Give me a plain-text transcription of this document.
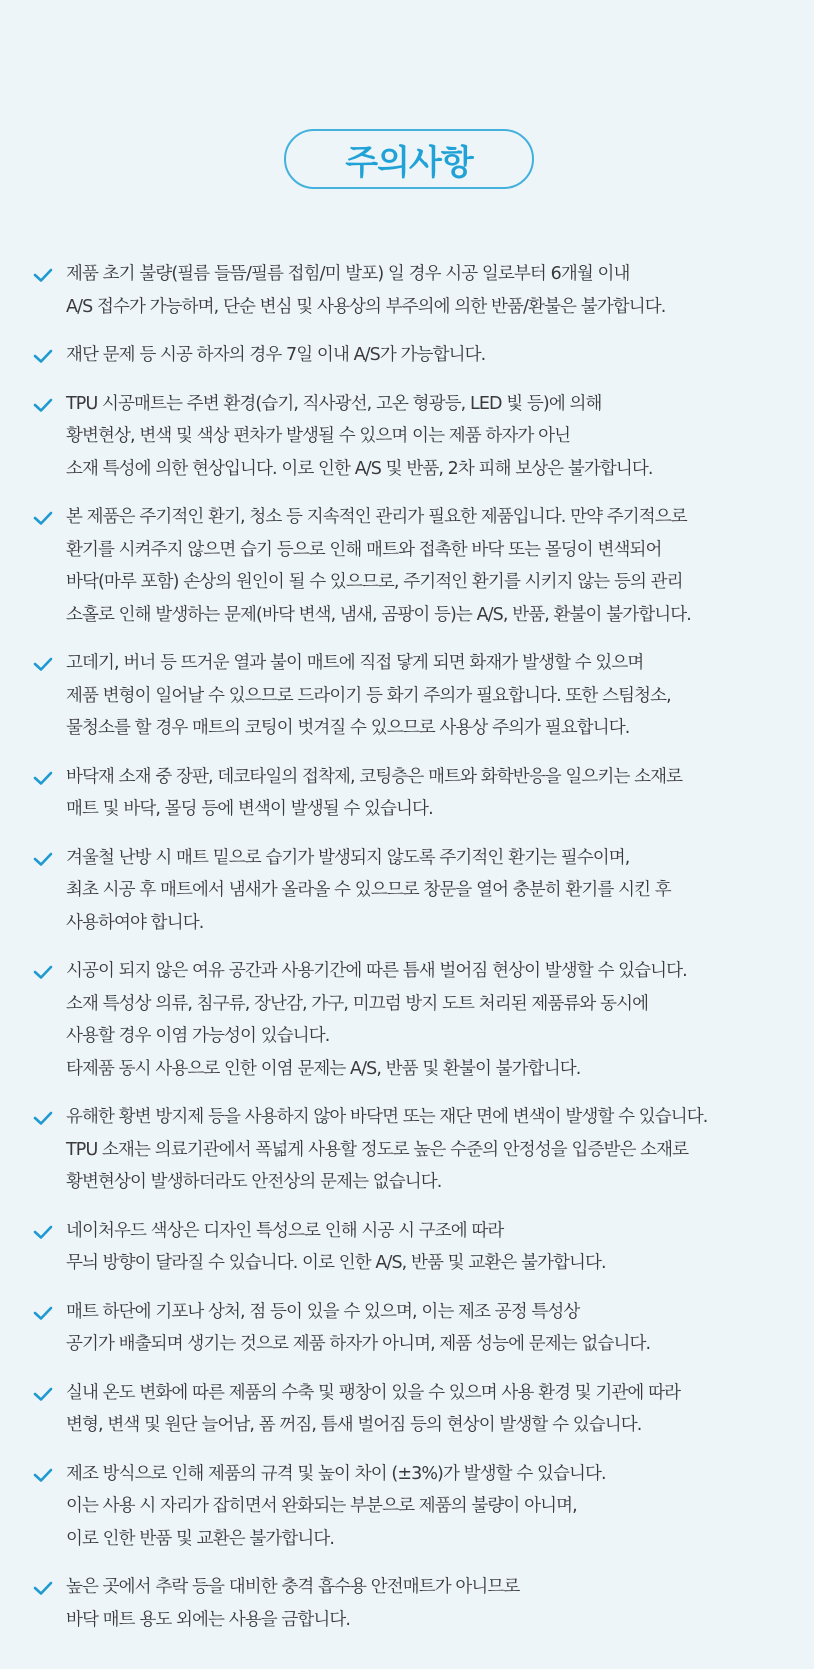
주의사항
제품 초기 불량(필름 들뜸/필름 접힘/미 발포) 일 경우 시공 일로부터 6개월 이내
A/S 접수가 가능하며, 단순 변심 및 사용상의 부주의에 의한 반품/환불은 불가합니다.
재단 문제 등 시공 하자의 경우 7일 이내 A/S가 가능합니다.
TPU 시공매트는 주변 환경(습기, 직사광선, 고온 형광등, LED 빛 등)에 의해
황변현상, 변색 및 색상 편차가 발생될 수 있으며 이는 제품 하자가 아닌
소재 특성에 의한 현상입니다. 이로 인한 A/S 및 반품, 2차 피해 보상은 불가합니다.
본 제품은 주기적인 환기, 청소 등 지속적인 관리가 필요한 제품입니다. 만약 주기적으로
환기를 시켜주지 않으면 습기 등으로 인해 매트와 접촉한 바닥 또는 몰딩이 변색되어
바닥(마루 포함) 손상의 원인이 될 수 있으므로, 주기적인 환기를 시키지 않는 등의 관리
소홀로 인해 발생하는 문제(바닥 변색, 냄새, 곰팡이 등)는 A/S, 반품, 환불이 불가합니다.
고데기, 버너 등 뜨거운 열과 불이 매트에 직접 닿게 되면 화재가 발생할 수 있으며
제품 변형이 일어날 수 있으므로 드라이기 등 화기 주의가 필요합니다. 또한 스팀청소,
물청소를 할 경우 매트의 코팅이 벗겨질 수 있으므로 사용상 주의가 필요합니다.
바닥재 소재 중 장판, 데코타일의 접착제, 코팅층은 매트와 화학반응을 일으키는 소재로
매트 및 바닥, 몰딩 등에 변색이 발생될 수 있습니다.
겨울철 난방 시 매트 밑으로 습기가 발생되지 않도록 주기적인 환기는 필수이며,
최초 시공 후 매트에서 냄새가 올라올 수 있으므로 창문을 열어 충분히 환기를 시킨 후
사용하여야 합니다.
시공이 되지 않은 여유 공간과 사용기간에 따른 틈새 벌어짐 현상이 발생할 수 있습니다.
소재 특성상 의류, 침구류, 장난감, 가구, 미끄럼 방지 도트 처리된 제품류와 동시에
사용할 경우 이염 가능성이 있습니다.
타제품 동시 사용으로 인한 이염 문제는 A/S, 반품 및 환불이 불가합니다.
유해한 황변 방지제 등을 사용하지 않아 바닥면 또는 재단 면에 변색이 발생할 수 있습니다.
TPU 소재는 의료기관에서 폭넓게 사용할 정도로 높은 수준의 안정성을 입증받은 소재로
황변현상이 발생하더라도 안전상의 문제는 없습니다.
네이처우드 색상은 디자인 특성으로 인해 시공 시 구조에 따라
무늬 방향이 달라질 수 있습니다. 이로 인한 A/S, 반품 및 교환은 불가합니다.
매트 하단에 기포나 상처, 점 등이 있을 수 있으며, 이는 제조 공정 특성상
공기가 배출되며 생기는 것으로 제품 하자가 아니며, 제품 성능에 문제는 없습니다.
실내 온도 변화에 따른 제품의 수축 및 팽창이 있을 수 있으며 사용 환경 및 기관에 따라
변형, 변색 및 원단 늘어남, 폼 꺼짐, 틈새 벌어짐 등의 현상이 발생할 수 있습니다.
제조 방식으로 인해 제품의 규격 및 높이 차이 (±3%)가 발생할 수 있습니다.
이는 사용 시 자리가 잡히면서 완화되는 부분으로 제품의 불량이 아니며,
이로 인한 반품 및 교환은 불가합니다.
높은 곳에서 추락 등을 대비한 충격 흡수용 안전매트가 아니므로
바닥 매트 용도 외에는 사용을 금합니다.
